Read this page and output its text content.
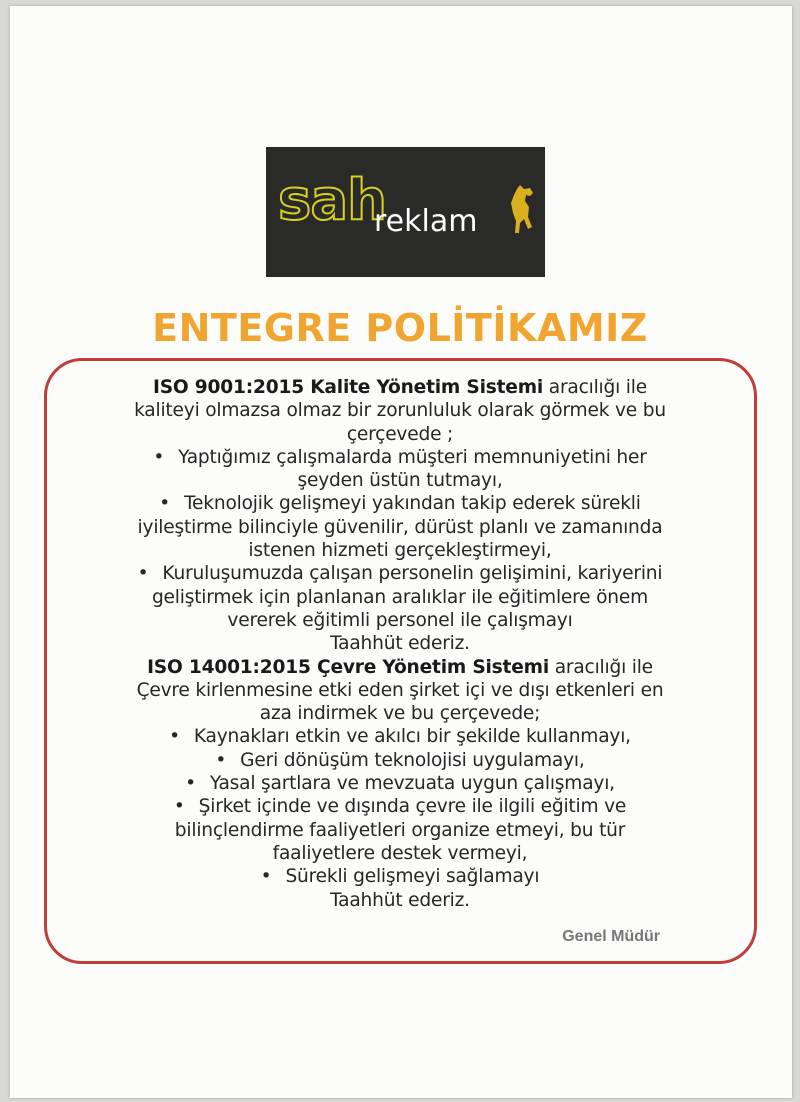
sah
reklam
ENTEGRE POLİTİKAMIZ

ISO 9001:2015 Kalite Yönetim Sistemi aracılığı ile

kaliteyi olmazsa olmaz bir zorunluluk olarak görmek ve bu

çerçevede ;

• Yaptığımız çalışmalarda müşteri memnuniyetini her

şeyden üstün tutmayı,

• Teknolojik gelişmeyi yakından takip ederek sürekli

iyileştirme bilinciyle güvenilir, dürüst planlı ve zamanında

istenen hizmeti gerçekleştirmeyi,

• Kuruluşumuzda çalışan personelin gelişimini, kariyerini

geliştirmek için planlanan aralıklar ile eğitimlere önem

vererek eğitimli personel ile çalışmayı

Taahhüt ederiz.

ISO 14001:2015 Çevre Yönetim Sistemi aracılığı ile

Çevre kirlenmesine etki eden şirket içi ve dışı etkenleri en

aza indirmek ve bu çerçevede;

• Kaynakları etkin ve akılcı bir şekilde kullanmayı,

• Geri dönüşüm teknolojisi uygulamayı,

• Yasal şartlara ve mevzuata uygun çalışmayı,

• Şirket içinde ve dışında çevre ile ilgili eğitim ve

bilinçlendirme faaliyetleri organize etmeyi, bu tür

faaliyetlere destek vermeyi,

• Sürekli gelişmeyi sağlamayı

Taahhüt ederiz.

Genel Müdür
